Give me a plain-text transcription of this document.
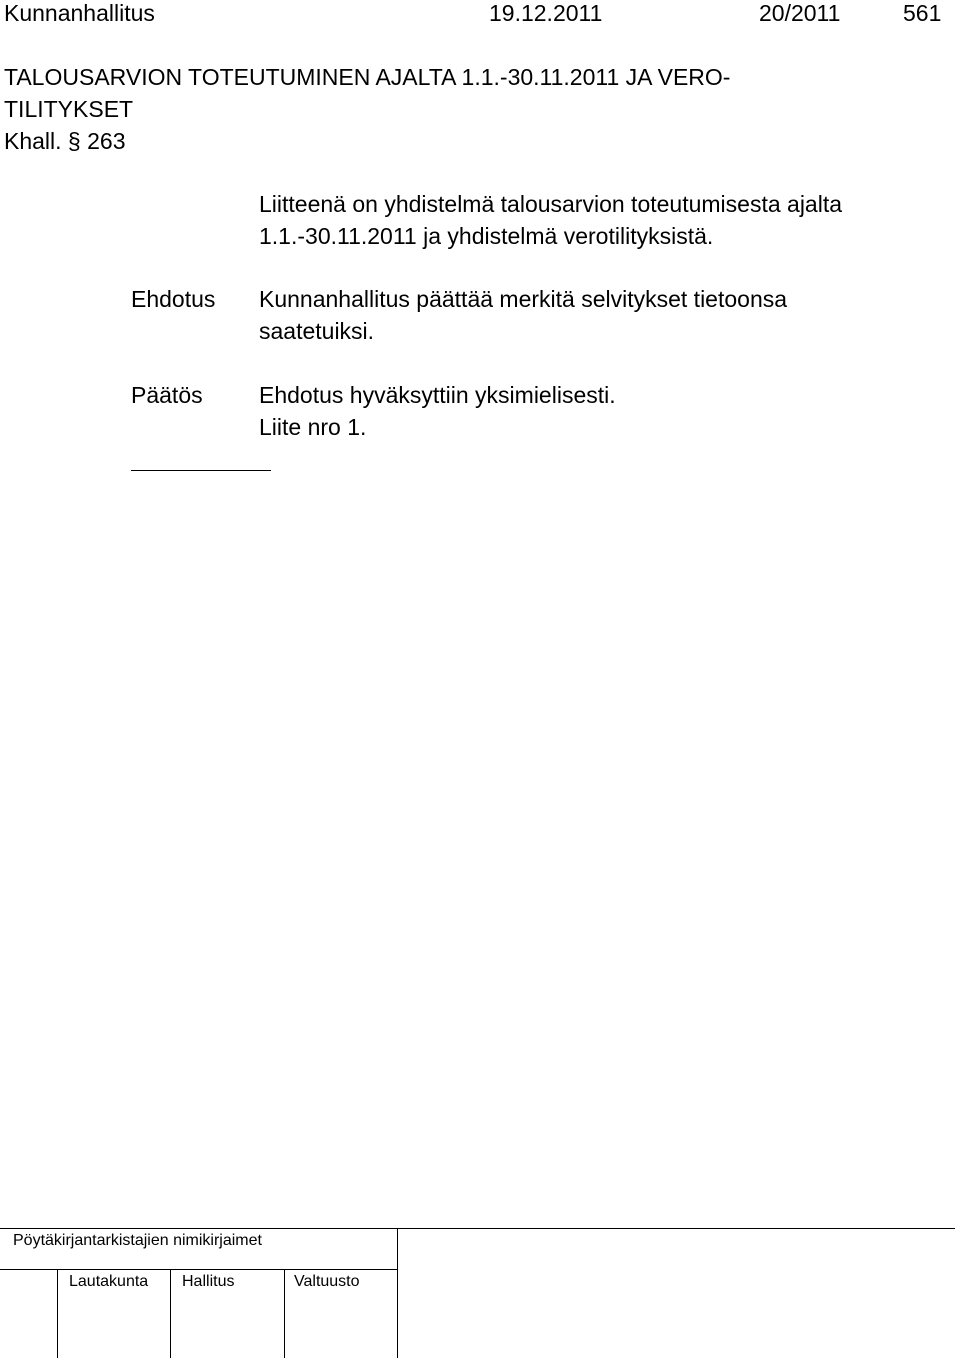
Kunnanhallitus	19.12.2011	20/2011	561
TALOUSARVION TOTEUTUMINEN AJALTA 1.1.-30.11.2011 JA VERO-
TILITYKSET
Khall. § 263
Liitteenä on yhdistelmä talousarvion toteutumisesta ajalta
1.1.-30.11.2011 ja yhdistelmä verotilityksistä.
Ehdotus Kunnanhallitus päättää merkitä selvitykset tietoonsa
saatetuiksi.
Päätös Ehdotus hyväksyttiin yksimielisesti.
Liite nro 1.
Pöytäkirjantarkistajien nimikirjaimet
Lautakunta Hallitus	Valtuusto
